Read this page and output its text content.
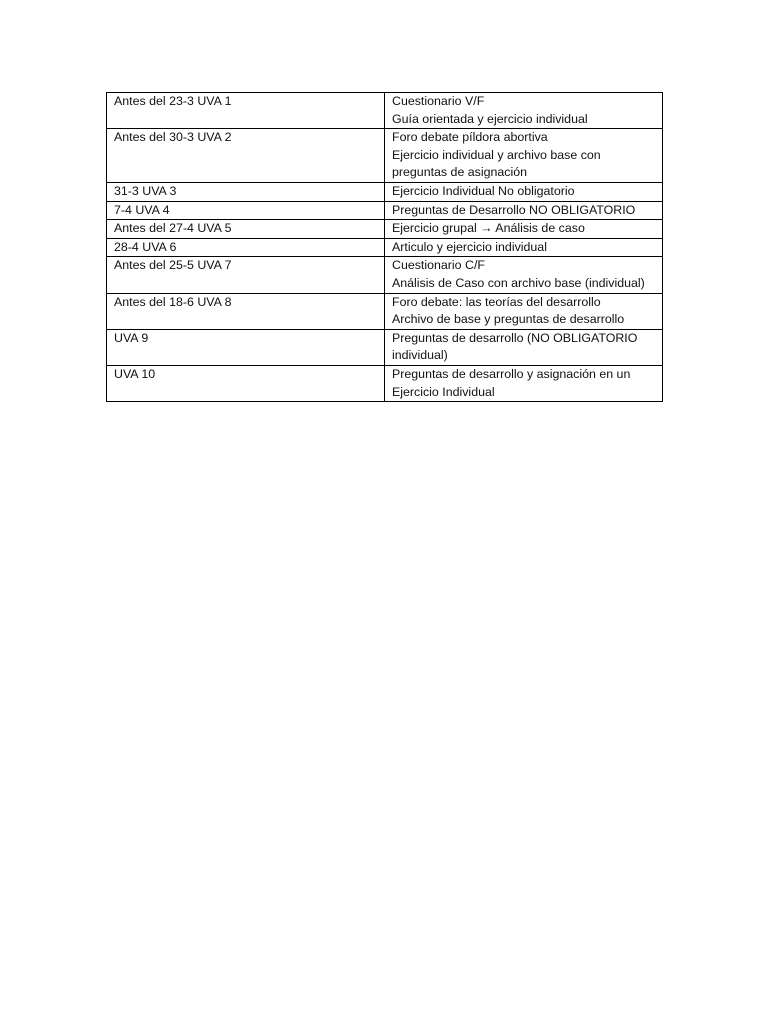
Antes del 23-3 UVA 1	Cuestionario V/F
Guía orientada y ejercicio individual

Antes del 30-3 UVA 2	Foro debate píldora abortiva
Ejercicio individual y archivo base con
preguntas de asignación

31-3 UVA 3	Ejercicio Individual No obligatorio

7-4 UVA 4	Preguntas de Desarrollo NO OBLIGATORIO

Antes del 27-4 UVA 5	Ejercicio grupal → Análisis de caso

28-4 UVA 6	Articulo y ejercicio individual

Antes del 25-5 UVA 7	Cuestionario C/F
Análisis de Caso con archivo base (individual)

Antes del 18-6 UVA 8	Foro debate: las teorías del desarrollo
Archivo de base y preguntas de desarrollo

UVA 9	Preguntas de desarrollo (NO OBLIGATORIO
individual)

UVA 10	Preguntas de desarrollo y asignación en un
Ejercicio Individual
